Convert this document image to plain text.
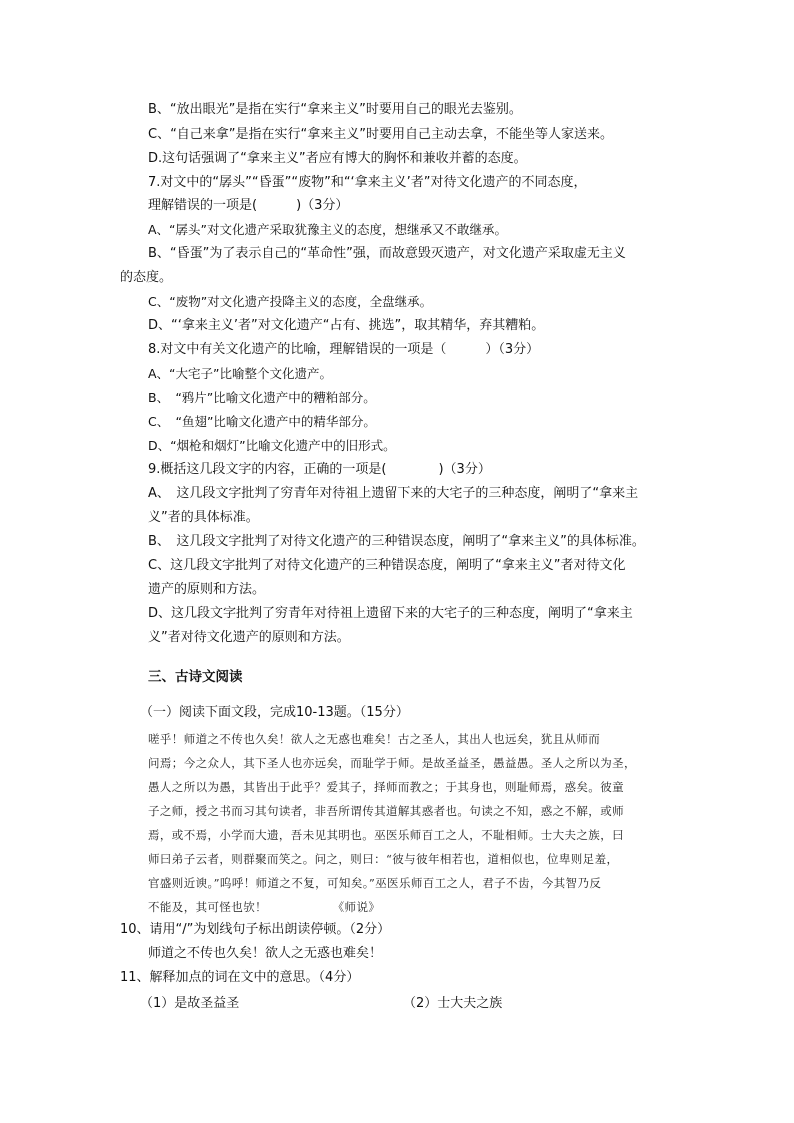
B、“放出眼光”是指在实行“拿来主义”时要用自己的眼光去鉴别。
C、“自己来拿”是指在实行“拿来主义”时要用自己主动去拿，不能坐等人家送来。
D.这句话强调了“拿来主义”者应有博大的胸怀和兼收并蓄的态度。
7.对文中的“孱头”“昏蛋”“废物”和“‘拿来主义’者”对待文化遗产的不同态度，
理解错误的一项是(　　　)（3分）
A、“孱头”对文化遗产采取犹豫主义的态度，想继承又不敢继承。
B、“昏蛋”为了表示自己的“革命性”强，而故意毁灭遗产，对文化遗产采取虚无主义
的态度。
C、“废物”对文化遗产投降主义的态度，全盘继承。
D、“‘拿来主义’者”对文化遗产“占有、挑选”，取其精华，弃其糟粕。
8.对文中有关文化遗产的比喻，理解错误的一项是（　　　）（3分）
A、“大宅子”比喻整个文化遗产。
B、　“鸦片”比喻文化遗产中的糟粕部分。
C、　“鱼翅”比喻文化遗产中的精华部分。
D、“烟枪和烟灯”比喻文化遗产中的旧形式。
9.概括这几段文字的内容，正确的一项是(　　　　)（3分）
A、　这几段文字批判了穷青年对待祖上遗留下来的大宅子的三种态度，阐明了“拿来主
义”者的具体标准。
B、　这几段文字批判了对待文化遗产的三种错误态度，阐明了“拿来主义”的具体标准。
C、这几段文字批判了对待文化遗产的三种错误态度，阐明了“拿来主义”者对待文化
遗产的原则和方法。
D、这几段文字批判了穷青年对待祖上遗留下来的大宅子的三种态度，阐明了“拿来主
义”者对待文化遗产的原则和方法。
三、古诗文阅读
（一）阅读下面文段，完成10-13题。（15分）
嗟乎！师道之不传也久矣！欲人之无惑也难矣！古之圣人，其出人也远矣，犹且从师而
问焉；今之众人，其下圣人也亦远矣，而耻学于师。是故圣益圣，愚益愚。圣人之所以为圣，
愚人之所以为愚，其皆出于此乎？爱其子，择师而教之；于其身也，则耻师焉，惑矣。彼童
子之师，授之书而习其句读者，非吾所谓传其道解其惑者也。句读之不知，惑之不解，或师
焉，或不焉，小学而大遗，吾未见其明也。巫医乐师百工之人，不耻相师。士大夫之族，曰
师曰弟子云者，则群聚而笑之。问之，则曰：“彼与彼年相若也，道相似也，位卑则足羞，
官盛则近谀。”呜呼！师道之不复，可知矣。”巫医乐师百工之人，君子不齿，今其智乃反
不能及，其可怪也欤！　　　　　　《师说》
10、请用“/”为划线句子标出朗读停顿。（2分）
师道之不传也久矣！欲人之无惑也难矣！
11、解释加点的词在文中的意思。（4分）
（1）是故圣益圣	（2）士大夫之族
